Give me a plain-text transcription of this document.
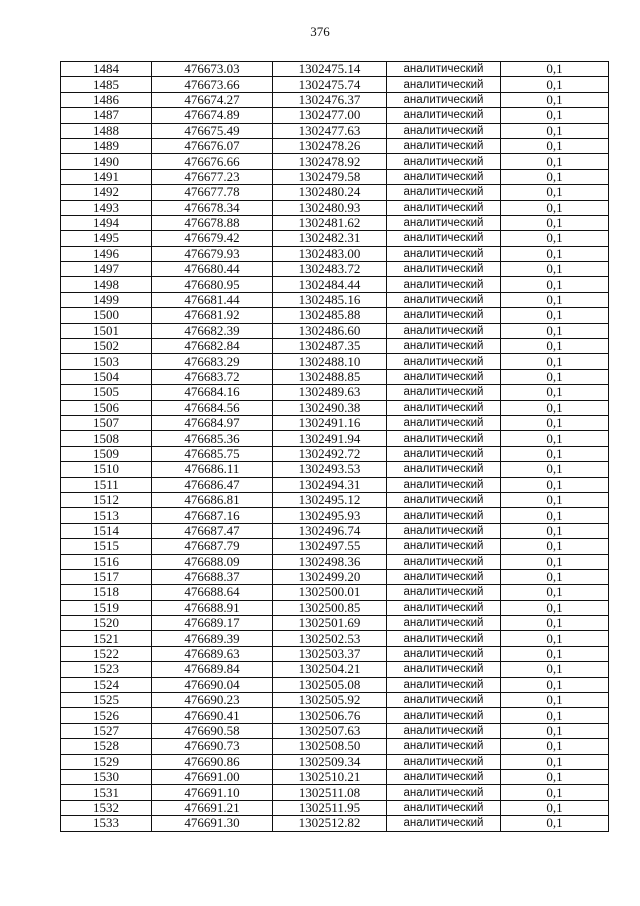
376
1484	476673.03	1302475.14	аналитический	0,1
1485	476673.66	1302475.74	аналитический	0,1
1486	476674.27	1302476.37	аналитический	0,1
1487	476674.89	1302477.00	аналитический	0,1
1488	476675.49	1302477.63	аналитический	0,1
1489	476676.07	1302478.26	аналитический	0,1
1490	476676.66	1302478.92	аналитический	0,1
1491	476677.23	1302479.58	аналитический	0,1
1492	476677.78	1302480.24	аналитический	0,1
1493	476678.34	1302480.93	аналитический	0,1
1494	476678.88	1302481.62	аналитический	0,1
1495	476679.42	1302482.31	аналитический	0,1
1496	476679.93	1302483.00	аналитический	0,1
1497	476680.44	1302483.72	аналитический	0,1
1498	476680.95	1302484.44	аналитический	0,1
1499	476681.44	1302485.16	аналитический	0,1
1500	476681.92	1302485.88	аналитический	0,1
1501	476682.39	1302486.60	аналитический	0,1
1502	476682.84	1302487.35	аналитический	0,1
1503	476683.29	1302488.10	аналитический	0,1
1504	476683.72	1302488.85	аналитический	0,1
1505	476684.16	1302489.63	аналитический	0,1
1506	476684.56	1302490.38	аналитический	0,1
1507	476684.97	1302491.16	аналитический	0,1
1508	476685.36	1302491.94	аналитический	0,1
1509	476685.75	1302492.72	аналитический	0,1
1510	476686.11	1302493.53	аналитический	0,1
1511	476686.47	1302494.31	аналитический	0,1
1512	476686.81	1302495.12	аналитический	0,1
1513	476687.16	1302495.93	аналитический	0,1
1514	476687.47	1302496.74	аналитический	0,1
1515	476687.79	1302497.55	аналитический	0,1
1516	476688.09	1302498.36	аналитический	0,1
1517	476688.37	1302499.20	аналитический	0,1
1518	476688.64	1302500.01	аналитический	0,1
1519	476688.91	1302500.85	аналитический	0,1
1520	476689.17	1302501.69	аналитический	0,1
1521	476689.39	1302502.53	аналитический	0,1
1522	476689.63	1302503.37	аналитический	0,1
1523	476689.84	1302504.21	аналитический	0,1
1524	476690.04	1302505.08	аналитический	0,1
1525	476690.23	1302505.92	аналитический	0,1
1526	476690.41	1302506.76	аналитический	0,1
1527	476690.58	1302507.63	аналитический	0,1
1528	476690.73	1302508.50	аналитический	0,1
1529	476690.86	1302509.34	аналитический	0,1
1530	476691.00	1302510.21	аналитический	0,1
1531	476691.10	1302511.08	аналитический	0,1
1532	476691.21	1302511.95	аналитический	0,1
1533	476691.30	1302512.82	аналитический	0,1
